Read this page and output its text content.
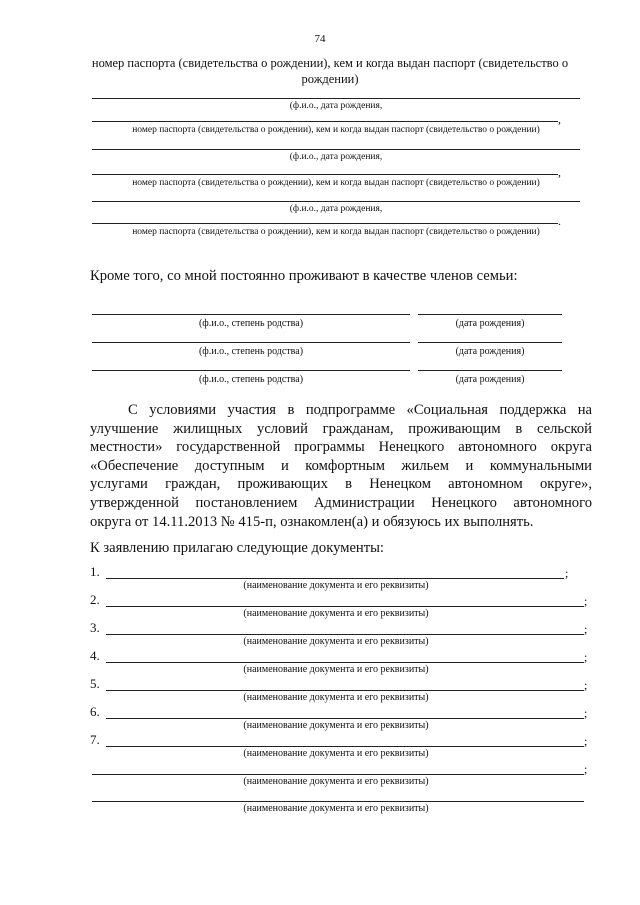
74
номер паспорта (свидетельства о рождении), кем и когда выдан паспорт (свидетельство о
рождении)
(ф.и.о., дата рождения,
,
номер паспорта (свидетельства о рождении), кем и когда выдан паспорт (свидетельство о рождении)
(ф.и.о., дата рождения,
,
номер паспорта (свидетельства о рождении), кем и когда выдан паспорт (свидетельство о рождении)
(ф.и.о., дата рождения,
.
номер паспорта (свидетельства о рождении), кем и когда выдан паспорт (свидетельство о рождении)
Кроме того, со мной постоянно проживают в качестве членов семьи:
(ф.и.о., степень родства)	(дата рождения)
(ф.и.о., степень родства)	(дата рождения)
(ф.и.о., степень родства)	(дата рождения)
С условиями участия в подпрограмме «Социальная поддержка на
улучшение жилищных условий гражданам, проживающим в сельской
местности» государственной программы Ненецкого автономного округа
«Обеспечение доступным и комфортным жильем и коммунальными
услугами граждан, проживающих в Ненецком автономном округе»,
утвержденной постановлением Администрации Ненецкого автономного
округа от 14.11.2013 № 415-п, ознакомлен(а) и обязуюсь их выполнять.
К заявлению прилагаю следующие документы:
1.	;
(наименование документа и его реквизиты)
2.	;
(наименование документа и его реквизиты)
3.	;
(наименование документа и его реквизиты)
4.	;
(наименование документа и его реквизиты)
5.	;
(наименование документа и его реквизиты)
6.	;
(наименование документа и его реквизиты)
7.	;
(наименование документа и его реквизиты)
;
(наименование документа и его реквизиты)
(наименование документа и его реквизиты)
